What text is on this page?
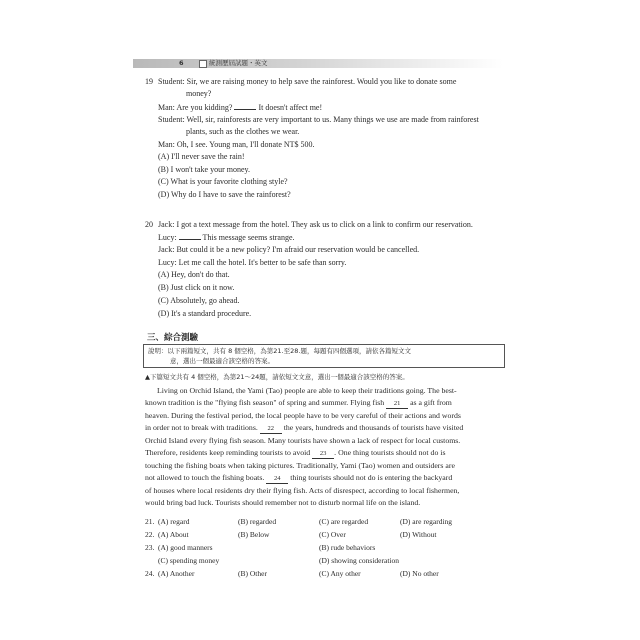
6	統測歷屆試題・英文
19 Student: Sir, we are raising money to help save the rainforest. Would you like to donate some
money?
Man: Are you kidding?	It doesn't affect me!
Student: Well, sir, rainforests are very important to us. Many things we use are made from rainforest
plants, such as the clothes we wear.
Man: Oh, I see. Young man, I'll donate NT$ 500.
(A) I'll never save the rain!
(B) I won't take your money.
(C) What is your favorite clothing style?
(D) Why do I have to save the rainforest?
20 Jack: I got a text message from the hotel. They ask us to click on a link to confirm our reservation.
Lucy:	This message seems strange.
Jack: But could it be a new policy? I'm afraid our reservation would be cancelled.
Lucy: Let me call the hotel. It's better to be safe than sorry.
(A) Hey, don't do that.
(B) Just click on it now.
(C) Absolutely, go ahead.
(D) It's a standard procedure.
三、綜合測驗
說明：以下兩篇短文，共有 8 個空格，為第21.至28.題，每題有四個選項，請依各篇短文文
意，選出一個最適合該空格的答案。
▲下篇短文共有 4 個空格，為第21～24題，請依短文文意，選出一個最適合該空格的答案。
Living on Orchid Island, the Yami (Tao) people are able to keep their traditions going. The best-
known tradition is the "flying fish season" of spring and summer. Flying fish 21 as a gift from
heaven. During the festival period, the local people have to be very careful of their actions and words
in order not to break with traditions. 22 the years, hundreds and thousands of tourists have visited
Orchid Island every flying fish season. Many tourists have shown a lack of respect for local customs.
Therefore, residents keep reminding tourists to avoid 23 . One thing tourists should not do is
touching the fishing boats when taking pictures. Traditionally, Yami (Tao) women and outsiders are
not allowed to touch the fishing boats. 24 thing tourists should not do is entering the backyard
of houses where local residents dry their flying fish. Acts of disrespect, according to local fishermen,
would bring bad luck. Tourists should remember not to disturb normal life on the island.
21. (A) regard	(B) regarded	(C) are regarded	(D) are regarding
22. (A) About	(B) Below	(C) Over	(D) Without
23. (A) good manners	(B) rude behaviors
(C) spending money	(D) showing consideration
24. (A) Another	(B) Other	(C) Any other	(D) No other
